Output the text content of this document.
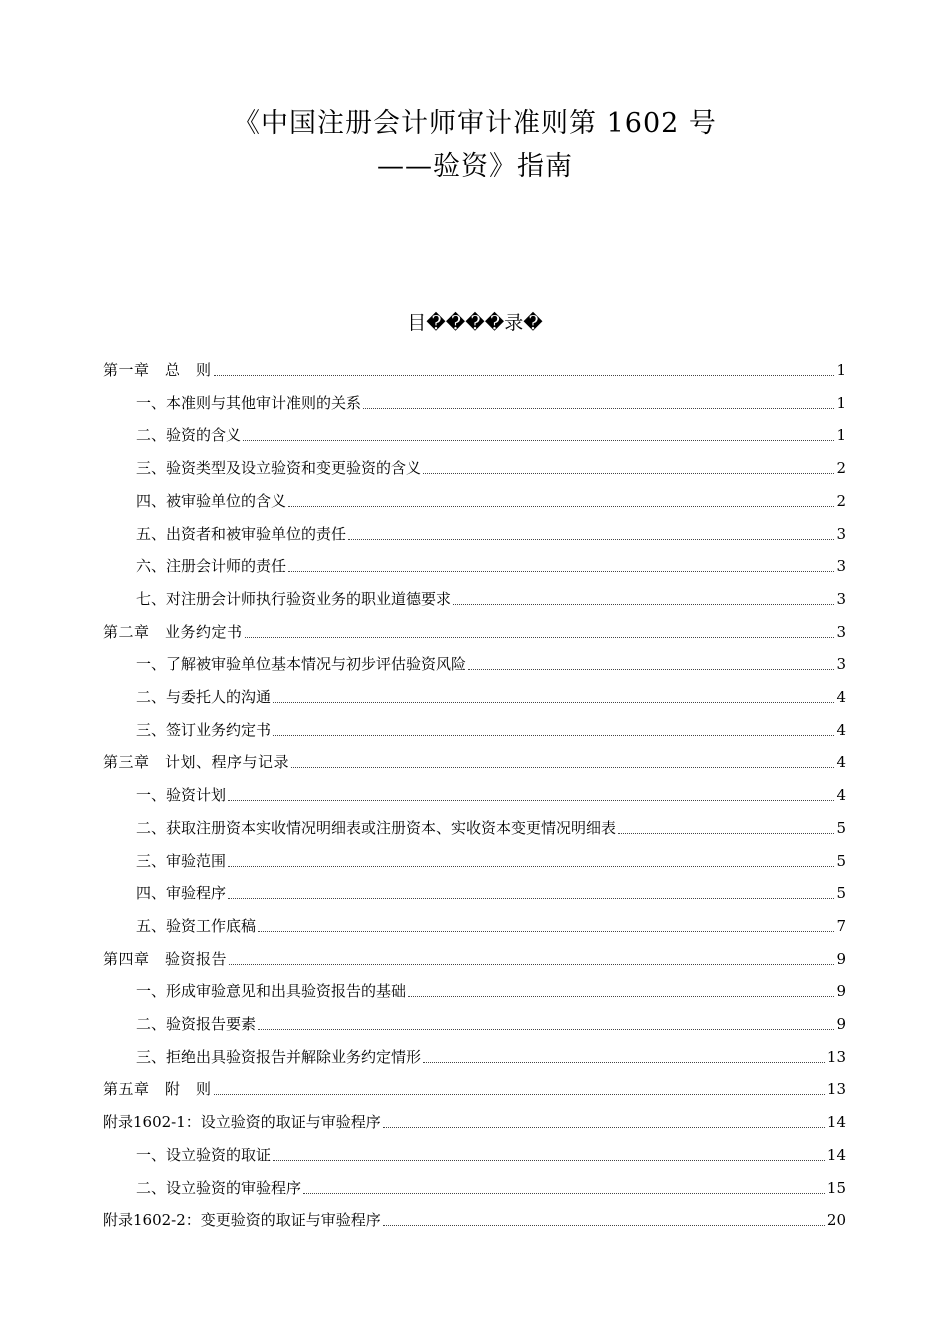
《中国注册会计师审计准则第 1602 号
——验资》指南
目����录�
第一章　总　则	1
一、本准则与其他审计准则的关系	1
二、验资的含义	1
三、验资类型及设立验资和变更验资的含义	2
四、被审验单位的含义	2
五、出资者和被审验单位的责任	3
六、注册会计师的责任	3
七、对注册会计师执行验资业务的职业道德要求	3
第二章　业务约定书	3
一、了解被审验单位基本情况与初步评估验资风险	3
二、与委托人的沟通	4
三、签订业务约定书	4
第三章　计划、程序与记录	4
一、验资计划	4
二、获取注册资本实收情况明细表或注册资本、实收资本变更情况明细表	5
三、审验范围	5
四、审验程序	5
五、验资工作底稿	7
第四章　验资报告	9
一、形成审验意见和出具验资报告的基础	9
二、验资报告要素	9
三、拒绝出具验资报告并解除业务约定情形	13
第五章　附　则	13
附录1602-1：设立验资的取证与审验程序	14
一、设立验资的取证	14
二、设立验资的审验程序	15
附录1602-2：变更验资的取证与审验程序	20
